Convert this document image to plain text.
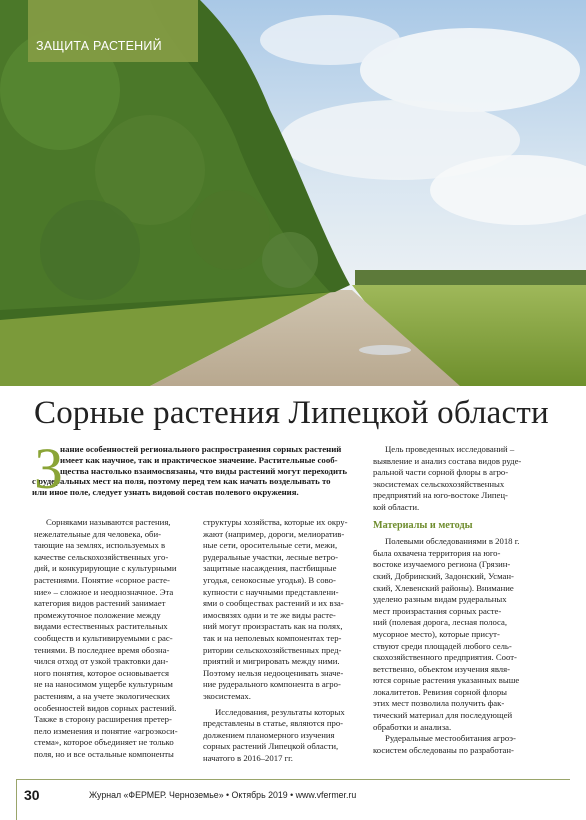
ЗАЩИТА РАСТЕНИЙ
Сорные растения Липецкой области
З
нание особенностей регионального распространения сорных растений
имеет как научное, так и практическое значение. Растительные сооб-
щества настолько взаимосвязаны, что виды растений могут переходить
с рудеральных мест на поля, поэтому перед тем как начать возделывать то
или иное поле, следует узнать видовой состав полевого окружения.
Сорняками называются растения,
нежелательные для человека, оби-
тающие на землях, используемых в
качестве сельскохозяйственных уго-
дий, и конкурирующие с культурными
растениями. Понятие «сорное расте-
ние» – сложное и неоднозначное. Эта
категория видов растений занимает
промежуточное положение между
видами естественных растительных
сообществ и культивируемыми с рас-
тениями. В последнее время обозна-
чился отход от узкой трактовки дан-
ного понятия, которое основывается
не на наносимом ущербе культурным
растениям, а на учете экологических
особенностей видов сорных растений.
Также в сторону расширения претер-
пело изменения и понятие «агроэкоси-
стема», которое объединяет не только
поля, но и все остальные компоненты
структуры хозяйства, которые их окру-
жают (например, дороги, мелиоратив-
ные сети, оросительные сети, межи,
рудеральные участки, лесные ветро-
защитные насаждения, пастбищные
угодья, сенокосные угодья). В сово-
купности с научными представлени-
ями о сообществах растений и их вза-
имосвязях одни и те же виды расте-
ний могут произрастать как на полях,
так и на неполевых компонентах тер-
ритории сельскохозяйственных пред-
приятий и мигрировать между ними.
Поэтому нельзя недооценивать значе-
ние рудерального компонента в агро-
экосистемах.
Исследования, результаты которых
представлены в статье, являются про-
должением планомерного изучения
сорных растений Липецкой области,
начатого в 2016–2017 гг.
Цель проведенных исследований –
выявление и анализ состава видов руде-
ральной части сорной флоры в агро-
экосистемах сельскохозяйственных
предприятий на юго-востоке Липец-
кой области.
Материалы и методы
Полевыми обследованиями в 2018 г.
была охвачена территория на юго-
востоке изучаемого региона (Грязин-
ский, Добринский, Задонский, Усман-
ский, Хлевенский районы). Внимание
уделено разным видам рудеральных
мест произрастания сорных расте-
ний (полевая дорога, лесная полоса,
мусорное место), которые присут-
ствуют среди площадей любого сель-
скохозяйственного предприятия. Соот-
ветственно, объектом изучения явля-
ются сорные растения указанных выше
локалитетов. Ревизия сорной флоры
этих мест позволила получить фак-
тический материал для последующей
обработки и анализа.
Рудеральные местообитания агроэ-
косистем обследованы по разработан-
30	Журнал «ФЕРМЕР. Черноземье» • Октябрь 2019 • www.vfermer.ru
